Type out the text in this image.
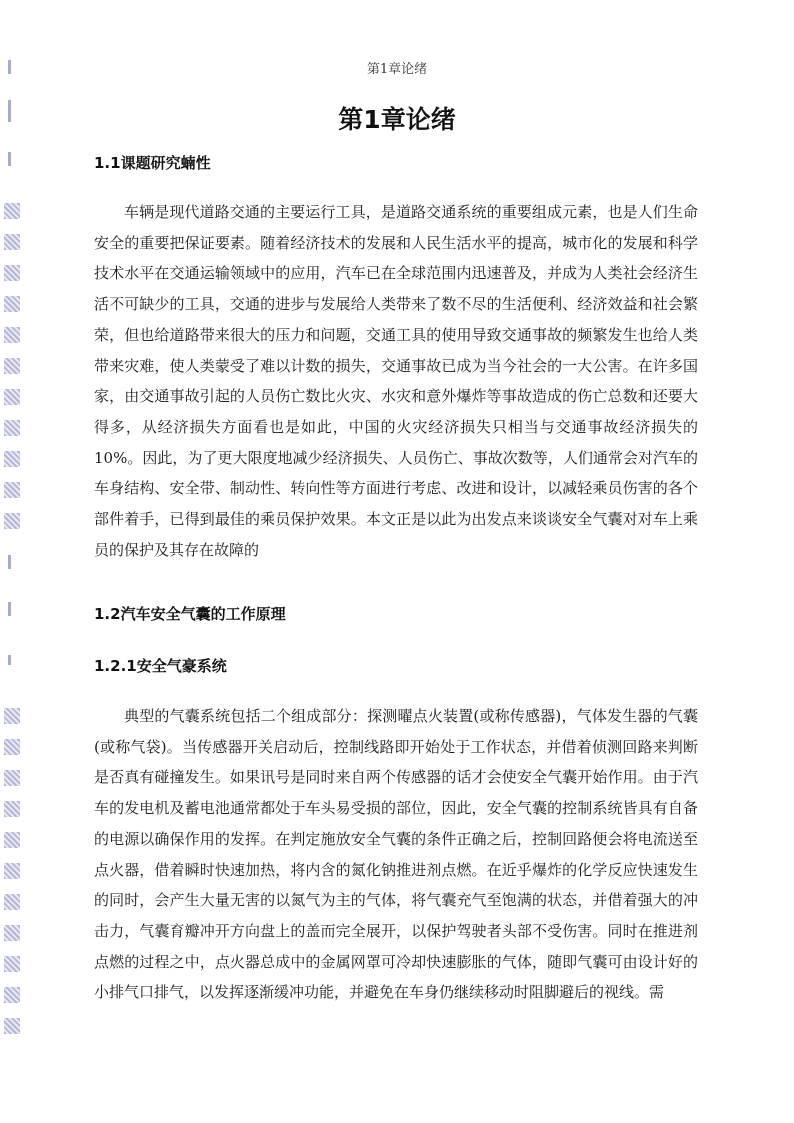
第1章论绪
第1章论绪
1.1课题研究蝻性

车辆是现代道路交通的主要运行工具，是道路交通系统的重要组成元素，也是人们生命安全的重要把保证要素。随着经济技术的发展和人民生活水平的提高，城市化的发展和科学技术水平在交通运输领域中的应用，汽车已在全球范围内迅速普及，并成为人类社会经济生活不可缺少的工具，交通的进步与发展给人类带来了数不尽的生活便利、经济效益和社会繁荣，但也给道路带来很大的压力和问题，交通工具的使用导致交通事故的频繁发生也给人类带来灾难，使人类蒙受了难以计数的损失，交通事故已成为当今社会的一大公害。在许多国家，由交通事故引起的人员伤亡数比火灾、水灾和意外爆炸等事故造成的伤亡总数和还要大得多，从经济损失方面看也是如此，中国的火灾经济损失只相当与交通事故经济损失的10%。因此，为了更大限度地减少经济损失、人员伤亡、事故次数等，人们通常会对汽车的车身结构、安全带、制动性、转向性等方面进行考虑、改进和设计，以减轻乘员伤害的各个部件着手，已得到最佳的乘员保护效果。本文正是以此为出发点来谈谈安全气囊对对车上乘员的保护及其存在故障的

1.2汽车安全气囊的工作原理
1.2.1安全气豪系统

典型的气囊系统包括二个组成部分：探测曜点火装置(或称传感器)，气体发生器的气囊(或称气袋)。当传感器开关启动后，控制线路即开始处于工作状态，并借着侦测回路来判断是否真有碰撞发生。如果讯号是同时来自两个传感器的话才会使安全气囊开始作用。由于汽车的发电机及蓄电池通常都处于车头易受损的部位，因此，安全气囊的控制系统皆具有自备的电源以确保作用的发挥。在判定施放安全气囊的条件正确之后，控制回路便会将电流送至点火器，借着瞬时快速加热，将内含的氮化钠推进剂点燃。在近乎爆炸的化学反应快速发生的同时，会产生大量无害的以氮气为主的气体，将气囊充气至饱满的状态，并借着强大的冲击力，气囊育瓣冲开方向盘上的盖而完全展开，以保护驾驶者头部不受伤害。同时在推进剂点燃的过程之中，点火器总成中的金属网罩可冷却快速膨胀的气体，随即气囊可由设计好的小排气口排气，以发挥逐渐缓冲功能，并避免在车身仍继续移动时阻脚避后的视线。需
